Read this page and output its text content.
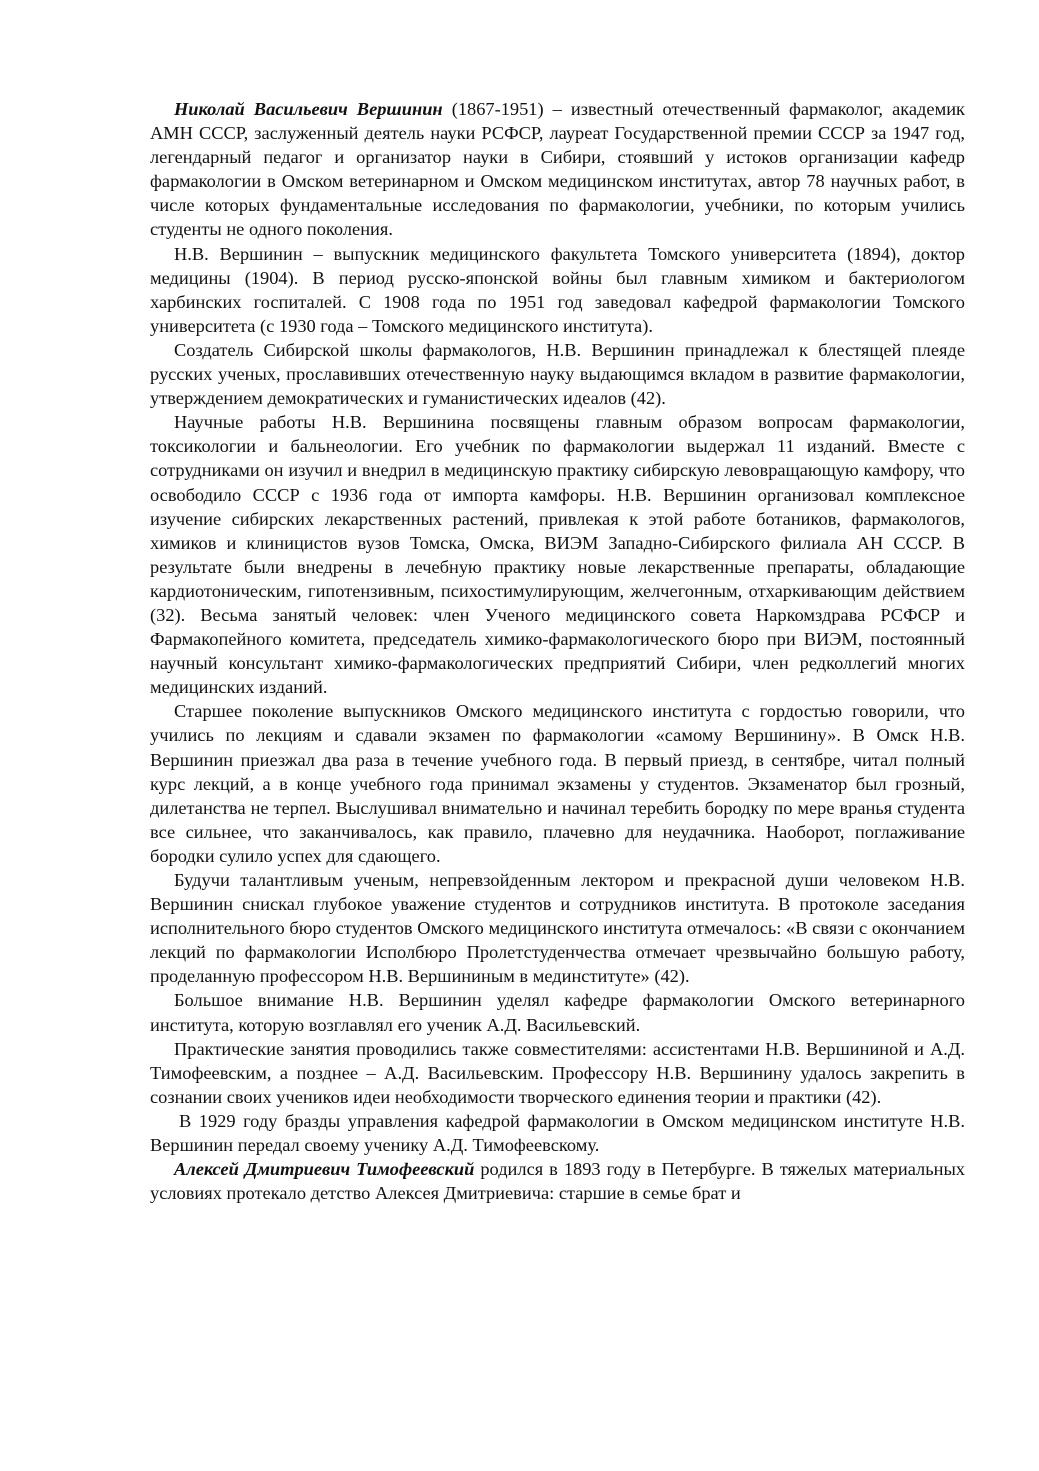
Николай Васильевич Вершинин (1867-1951) – известный отечественный фармаколог, академик АМН СССР, заслуженный деятель науки РСФСР, лауреат Государственной премии СССР за 1947 год, легендарный педагог и организатор науки в Сибири, стоявший у истоков организации кафедр фармакологии в Омском ветеринарном и Омском медицинском институтах, автор 78 научных работ, в числе которых фундаментальные исследования по фармакологии, учебники, по которым учились студенты не одного поколения.

Н.В. Вершинин – выпускник медицинского факультета Томского университета (1894), доктор медицины (1904). В период русско-японской войны был главным химиком и бактериологом харбинских госпиталей. С 1908 года по 1951 год заведовал кафедрой фармакологии Томского университета (с 1930 года – Томского медицинского института).

Создатель Сибирской школы фармакологов, Н.В. Вершинин принадлежал к блестящей плеяде русских ученых, прославивших отечественную науку выдающимся вкладом в развитие фармакологии, утверждением демократических и гуманистических идеалов (42).

Научные работы Н.В. Вершинина посвящены главным образом вопросам фармакологии, токсикологии и бальнеологии. Его учебник по фармакологии выдержал 11 изданий. Вместе с сотрудниками он изучил и внедрил в медицинскую практику сибирскую левовращающую камфору, что освободило СССР с 1936 года от импорта камфоры. Н.В. Вершинин организовал комплексное изучение сибирских лекарственных растений, привлекая к этой работе ботаников, фармакологов, химиков и клиницистов вузов Томска, Омска, ВИЭМ Западно-Сибирского филиала АН СССР. В результате были внедрены в лечебную практику новые лекарственные препараты, обладающие кардиотоническим, гипотензивным, психостимулирующим, желчегонным, отхаркивающим действием (32). Весьма занятый человек: член Ученого медицинского совета Наркомздрава РСФСР и Фармакопейного комитета, председатель химико-фармакологического бюро при ВИЭМ, постоянный научный консультант химико-фармакологических предприятий Сибири, член редколлегий многих медицинских изданий.

Старшее поколение выпускников Омского медицинского института с гордостью говорили, что учились по лекциям и сдавали экзамен по фармакологии «самому Вершинину». В Омск Н.В. Вершинин приезжал два раза в течение учебного года. В первый приезд, в сентябре, читал полный курс лекций, а в конце учебного года принимал экзамены у студентов. Экзаменатор был грозный, дилетанства не терпел. Выслушивал внимательно и начинал теребить бородку по мере вранья студента все сильнее, что заканчивалось, как правило, плачевно для неудачника. Наоборот, поглаживание бородки сулило успех для сдающего.

Будучи талантливым ученым, непревзойденным лектором и прекрасной души человеком Н.В. Вершинин снискал глубокое уважение студентов и сотрудников института. В протоколе заседания исполнительного бюро студентов Омского медицинского института отмечалось: «В связи с окончанием лекций по фармакологии Исполбюро Пролетстуденчества отмечает чрезвычайно большую работу, проделанную профессором Н.В. Вершининым в мединституте» (42).

Большое внимание Н.В. Вершинин уделял кафедре фармакологии Омского ветеринарного института, которую возглавлял его ученик А.Д. Васильевский.

Практические занятия проводились также совместителями: ассистентами Н.В. Вершининой и А.Д. Тимофеевским, а позднее – А.Д. Васильевским. Профессору Н.В. Вершинину удалось закрепить в сознании своих учеников идеи необходимости творческого единения теории и практики (42).

В 1929 году бразды управления кафедрой фармакологии в Омском медицинском институте Н.В. Вершинин передал своему ученику А.Д. Тимофеевскому.

Алексей Дмитриевич Тимофеевский родился в 1893 году в Петербурге. В тяжелых материальных условиях протекало детство Алексея Дмитриевича: старшие в семье брат и
